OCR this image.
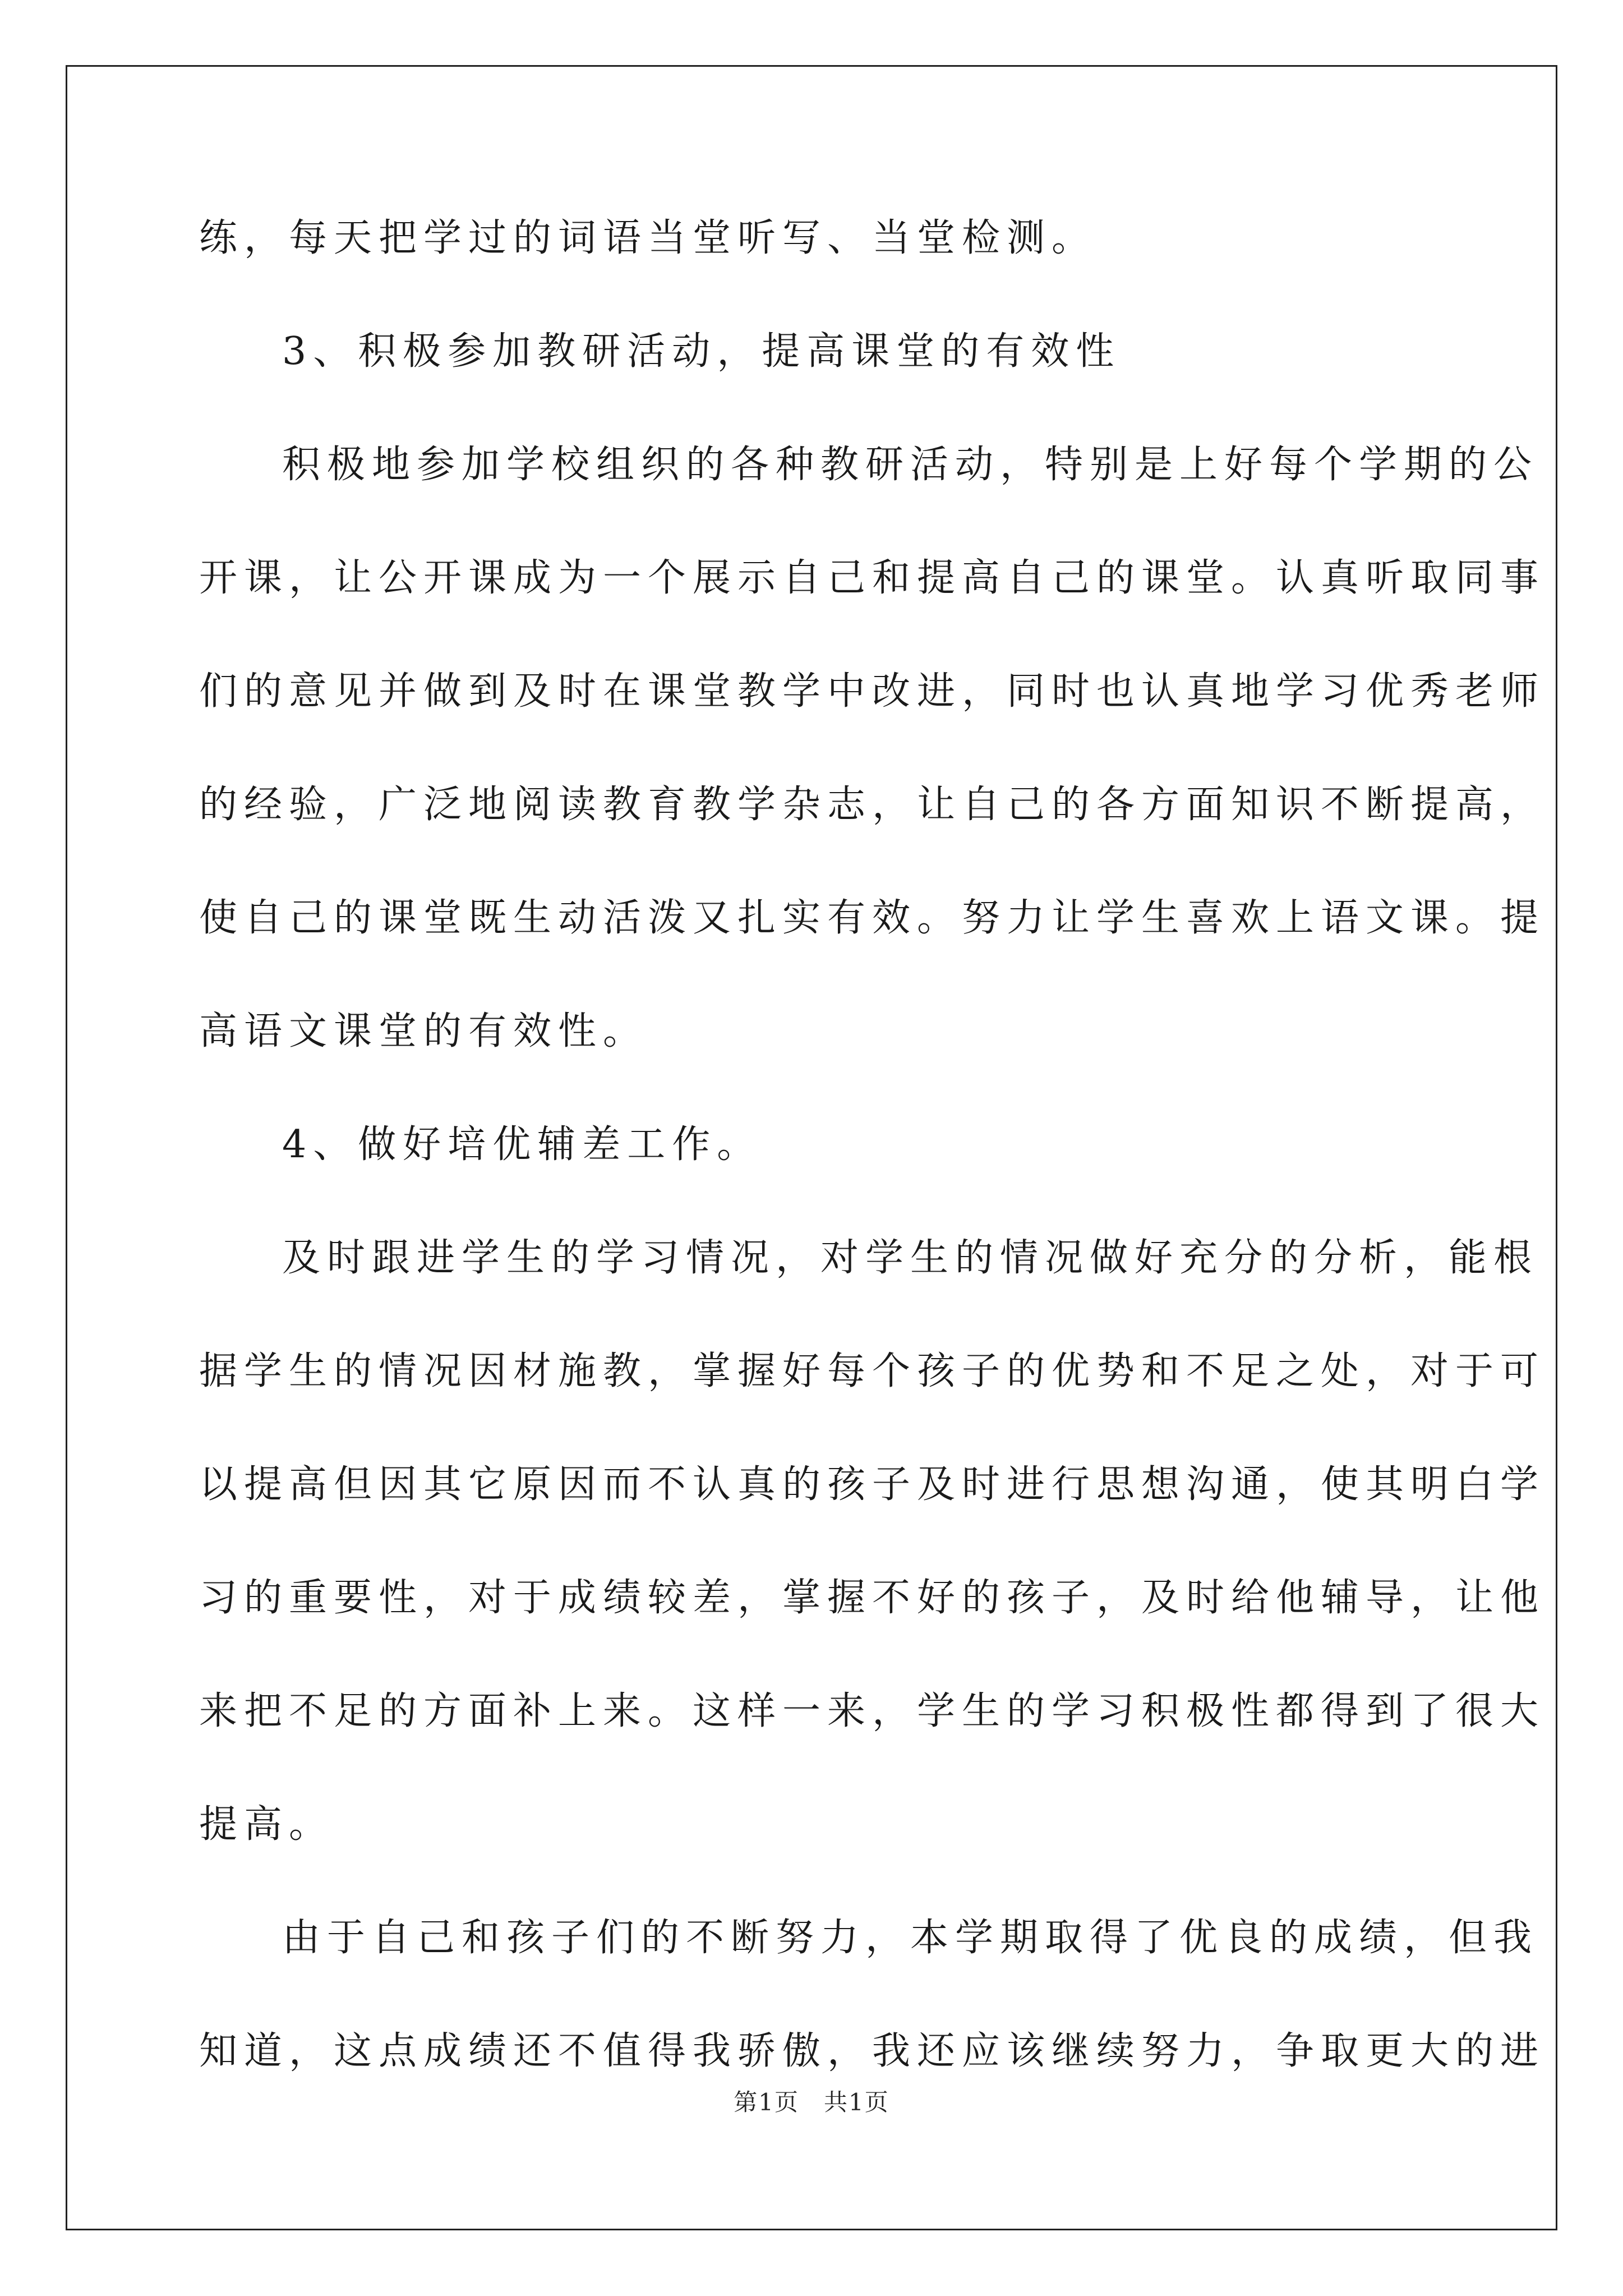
练，每天把学过的词语当堂听写、当堂检测。
3、积极参加教研活动，提高课堂的有效性
积极地参加学校组织的各种教研活动，特别是上好每个学期的公
开课，让公开课成为一个展示自己和提高自己的课堂。认真听取同事
们的意见并做到及时在课堂教学中改进，同时也认真地学习优秀老师
的经验，广泛地阅读教育教学杂志，让自己的各方面知识不断提高，
使自己的课堂既生动活泼又扎实有效。努力让学生喜欢上语文课。提
高语文课堂的有效性。
4、做好培优辅差工作。
及时跟进学生的学习情况，对学生的情况做好充分的分析，能根
据学生的情况因材施教，掌握好每个孩子的优势和不足之处，对于可
以提高但因其它原因而不认真的孩子及时进行思想沟通，使其明白学
习的重要性，对于成绩较差，掌握不好的孩子，及时给他辅导，让他
来把不足的方面补上来。这样一来，学生的学习积极性都得到了很大
提高。
由于自己和孩子们的不断努力，本学期取得了优良的成绩，但我
知道，这点成绩还不值得我骄傲，我还应该继续努力，争取更大的进
第1页　共1页
